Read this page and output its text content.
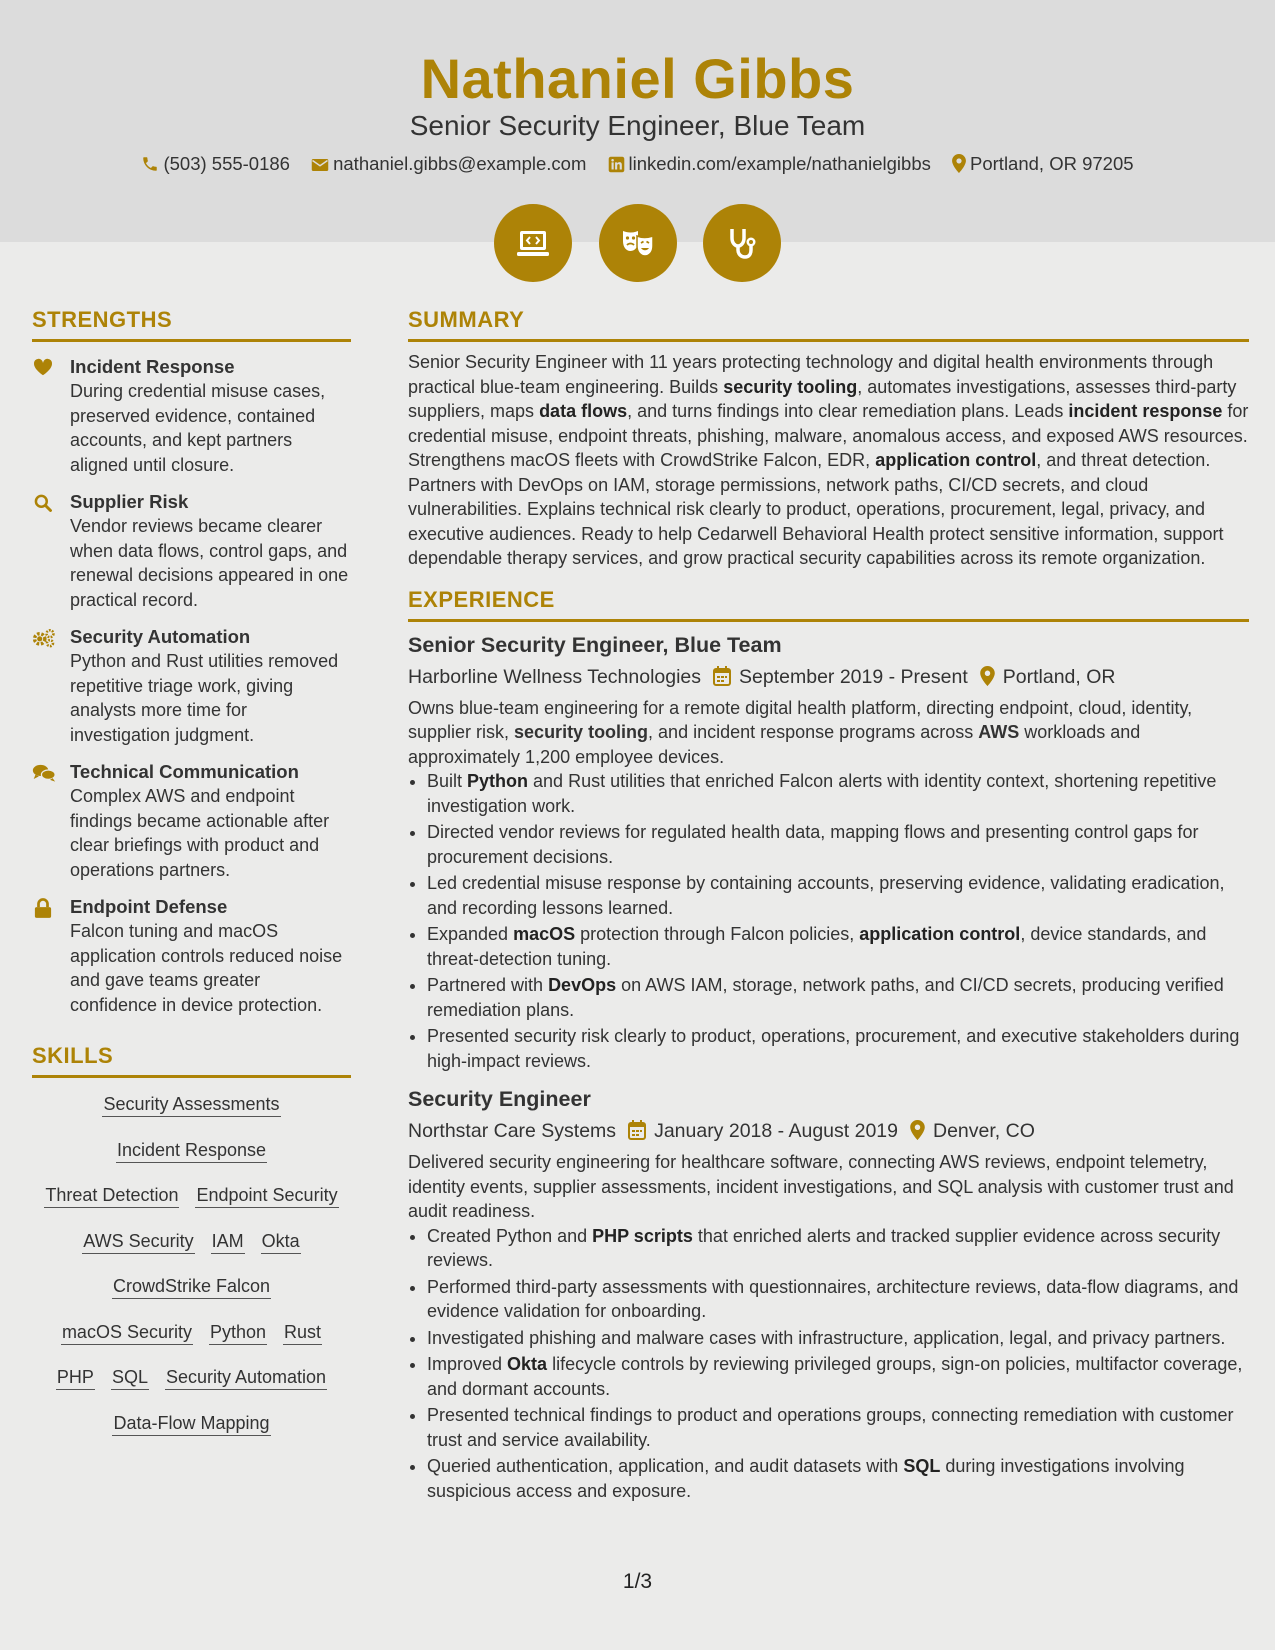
Nathaniel Gibbs
Senior Security Engineer, Blue Team
(503) 555-0186 nathaniel.gibbs@example.com linkedin.com/example/nathanielgibbs Portland, OR 97205

STRENGTHS
Incident Response
During credential misuse cases, preserved evidence, contained accounts, and kept partners aligned until closure.
Supplier Risk
Vendor reviews became clearer when data flows, control gaps, and renewal decisions appeared in one practical record.
Security Automation
Python and Rust utilities removed repetitive triage work, giving analysts more time for investigation judgment.
Technical Communication
Complex AWS and endpoint findings became actionable after clear briefings with product and operations partners.
Endpoint Defense
Falcon tuning and macOS application controls reduced noise and gave teams greater confidence in device protection.
SKILLS
Security Assessments
Incident Response
Threat Detection Endpoint Security
AWS Security IAM Okta
CrowdStrike Falcon
macOS Security Python Rust
PHP SQL Security Automation
Data-Flow Mapping
SUMMARY

Senior Security Engineer with 11 years protecting technology and digital health environments through practical blue-team engineering. Builds security tooling, automates investigations, assesses third-party suppliers, maps data flows, and turns findings into clear remediation plans. Leads incident response for credential misuse, endpoint threats, phishing, malware, anomalous access, and exposed AWS resources. Strengthens macOS fleets with CrowdStrike Falcon, EDR, application control, and threat detection. Partners with DevOps on IAM, storage permissions, network paths, CI/CD secrets, and cloud vulnerabilities. Explains technical risk clearly to product, operations, procurement, legal, privacy, and executive audiences. Ready to help Cedarwell Behavioral Health protect sensitive information, support dependable therapy services, and grow practical security capabilities across its remote organization.

EXPERIENCE
Senior Security Engineer, Blue Team
Harborline Wellness Technologies September 2019 - Present Portland, OR
Owns blue-team engineering for a remote digital health platform, directing endpoint, cloud, identity, supplier risk, security tooling, and incident response programs across AWS workloads and approximately 1,200 employee devices.
• Built Python and Rust utilities that enriched Falcon alerts with identity context, shortening repetitive investigation work.
• Directed vendor reviews for regulated health data, mapping flows and presenting control gaps for procurement decisions.
• Led credential misuse response by containing accounts, preserving evidence, validating eradication, and recording lessons learned.
• Expanded macOS protection through Falcon policies, application control, device standards, and threat-detection tuning.
• Partnered with DevOps on AWS IAM, storage, network paths, and CI/CD secrets, producing verified remediation plans.
• Presented security risk clearly to product, operations, procurement, and executive stakeholders during high-impact reviews.
Security Engineer
Northstar Care Systems January 2018 - August 2019 Denver, CO
Delivered security engineering for healthcare software, connecting AWS reviews, endpoint telemetry, identity events, supplier assessments, incident investigations, and SQL analysis with customer trust and audit readiness.
• Created Python and PHP scripts that enriched alerts and tracked supplier evidence across security reviews.
• Performed third-party assessments with questionnaires, architecture reviews, data-flow diagrams, and evidence validation for onboarding.
• Investigated phishing and malware cases with infrastructure, application, legal, and privacy partners.
• Improved Okta lifecycle controls by reviewing privileged groups, sign-on policies, multifactor coverage, and dormant accounts.
• Presented technical findings to product and operations groups, connecting remediation with customer trust and service availability.
• Queried authentication, application, and audit datasets with SQL during investigations involving suspicious access and exposure.
1/3
